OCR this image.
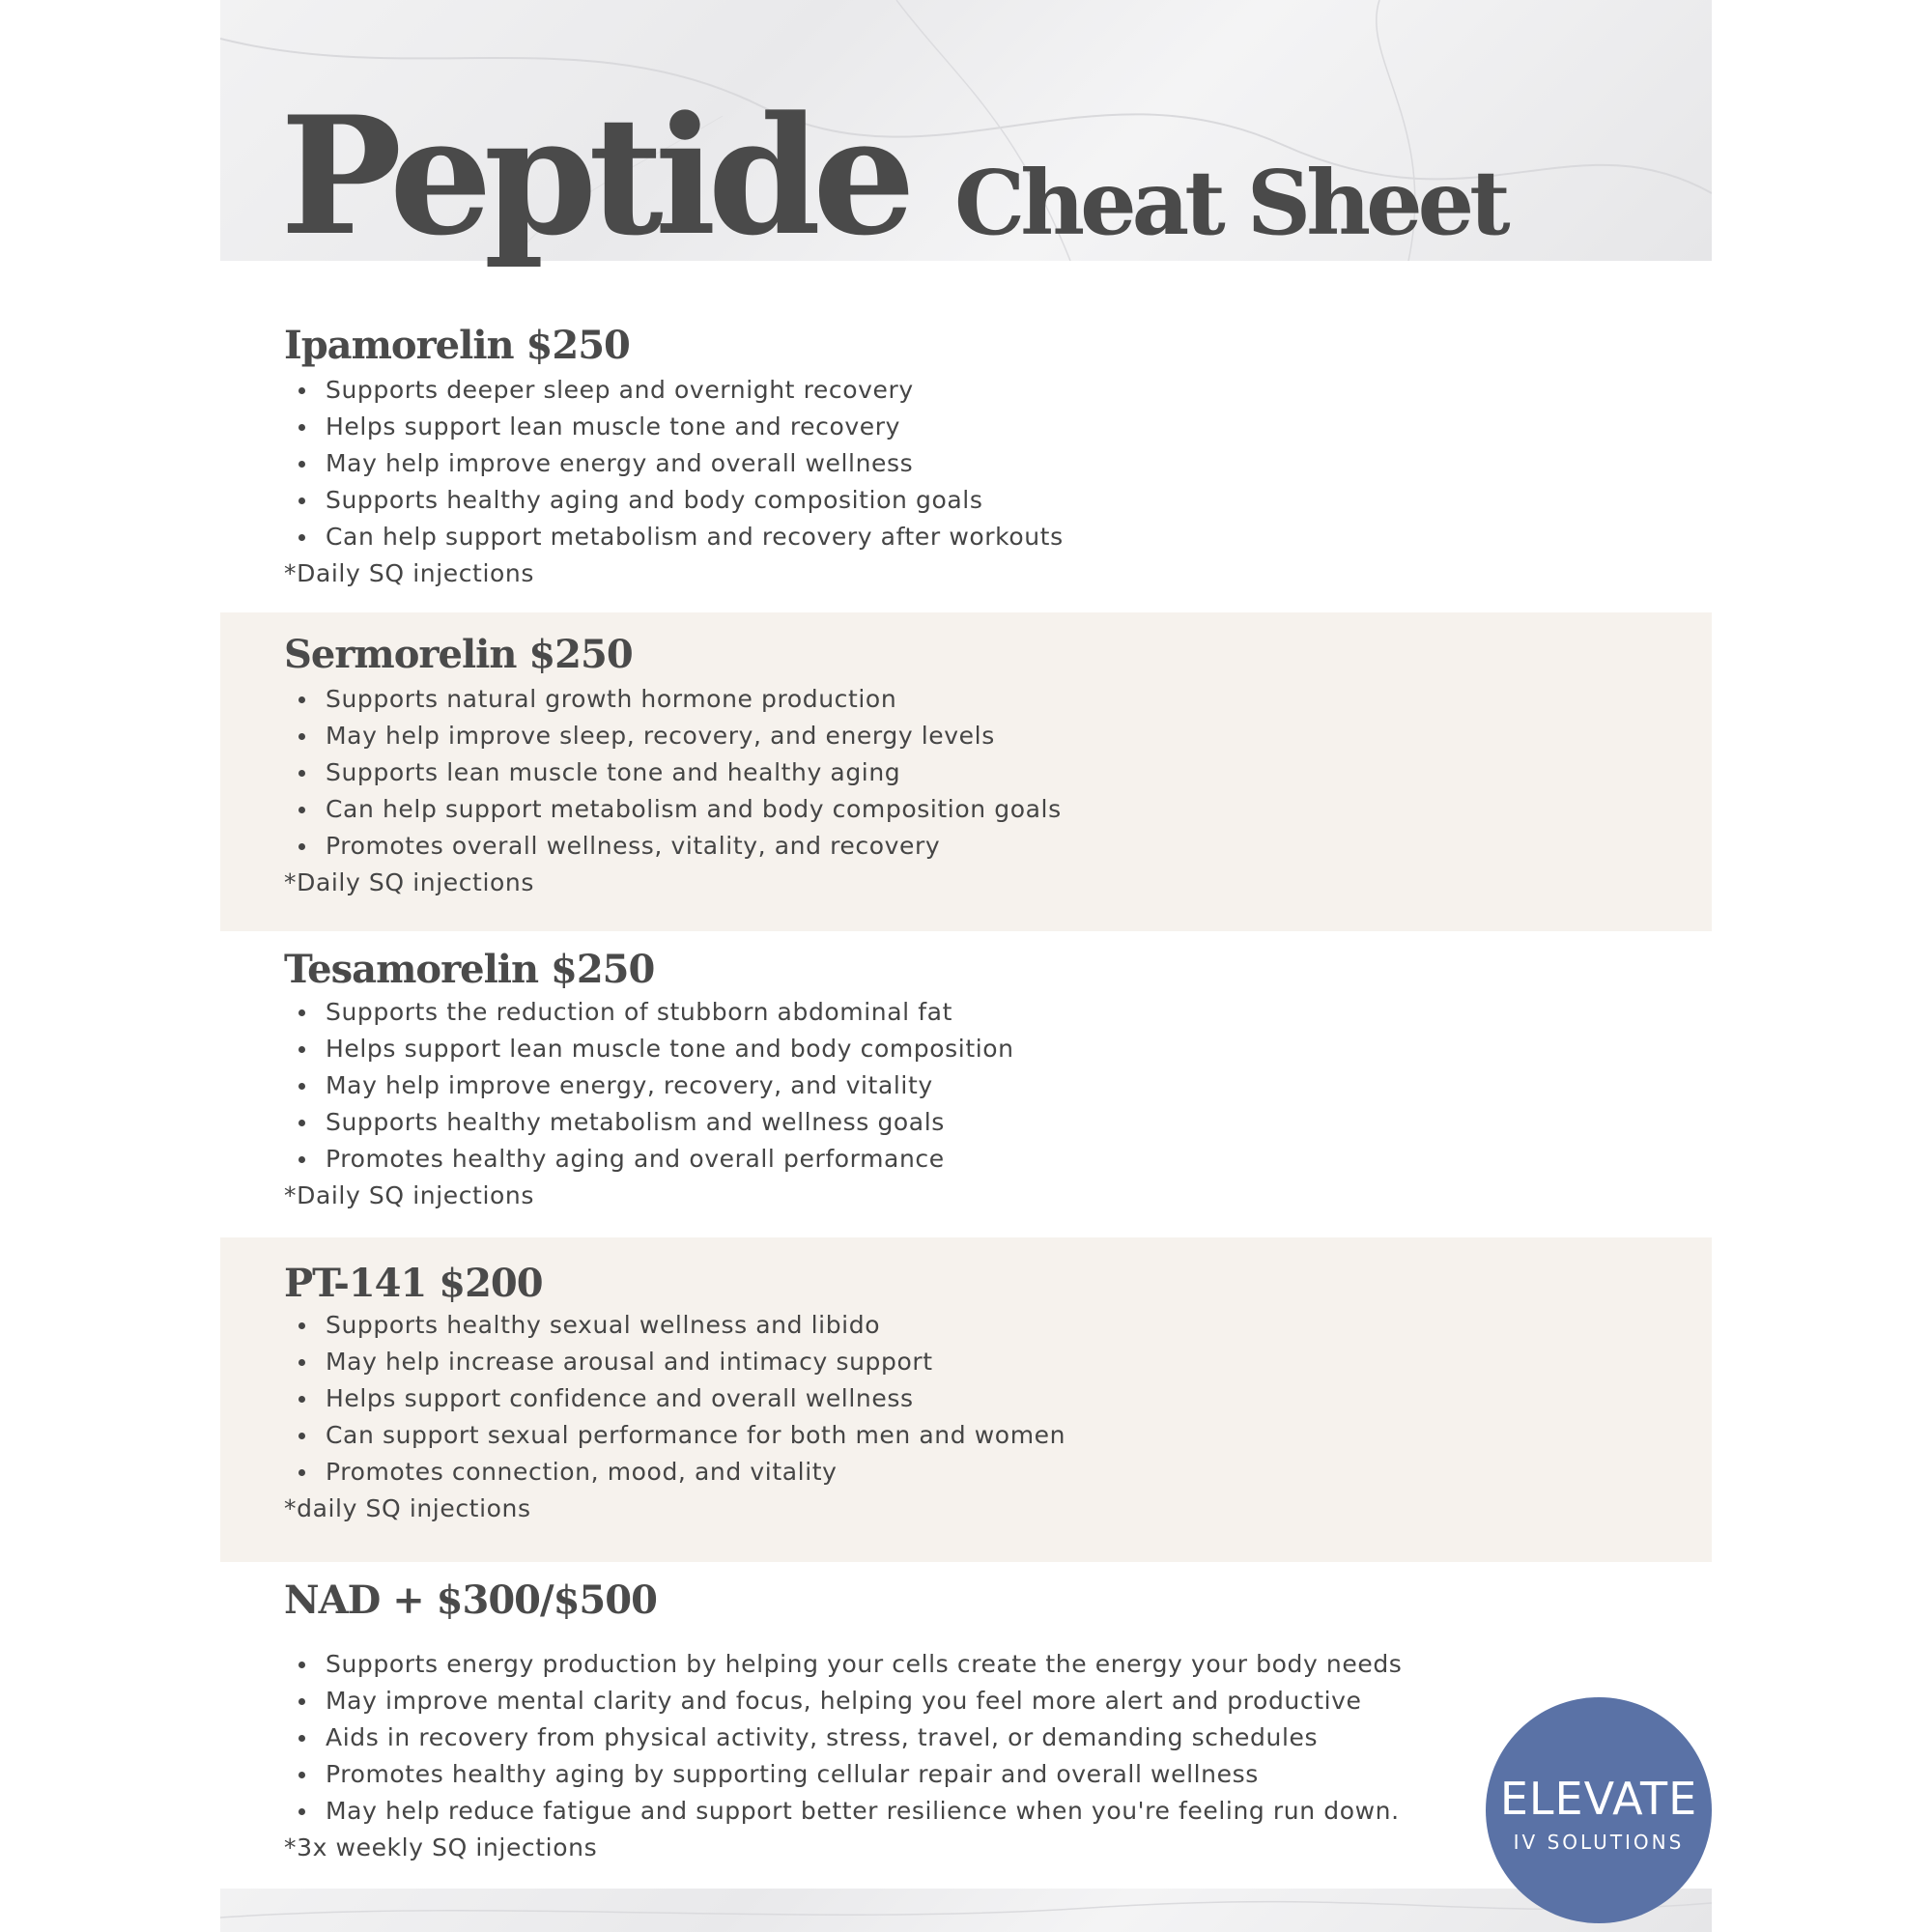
Peptide Cheat Sheet
Ipamorelin $250
Supports deeper sleep and overnight recovery
Helps support lean muscle tone and recovery
May help improve energy and overall wellness
Supports healthy aging and body composition goals
Can help support metabolism and recovery after workouts

*Daily SQ injections

Sermorelin $250
Supports natural growth hormone production
May help improve sleep, recovery, and energy levels
Supports lean muscle tone and healthy aging
Can help support metabolism and body composition goals
Promotes overall wellness, vitality, and recovery

*Daily SQ injections

Tesamorelin $250
Supports the reduction of stubborn abdominal fat
Helps support lean muscle tone and body composition
May help improve energy, recovery, and vitality
Supports healthy metabolism and wellness goals
Promotes healthy aging and overall performance

*Daily SQ injections

PT-141 $200
Supports healthy sexual wellness and libido
May help increase arousal and intimacy support
Helps support confidence and overall wellness
Can support sexual performance for both men and women
Promotes connection, mood, and vitality

*daily SQ injections

NAD + $300/$500
Supports energy production by helping your cells create the energy your body needs
May improve mental clarity and focus, helping you feel more alert and productive
Aids in recovery from physical activity, stress, travel, or demanding schedules
Promotes healthy aging by supporting cellular repair and overall wellness
May help reduce fatigue and support better resilience when you're feeling run down.

*3x weekly SQ injections

ELEVATE
IV SOLUTIONS
